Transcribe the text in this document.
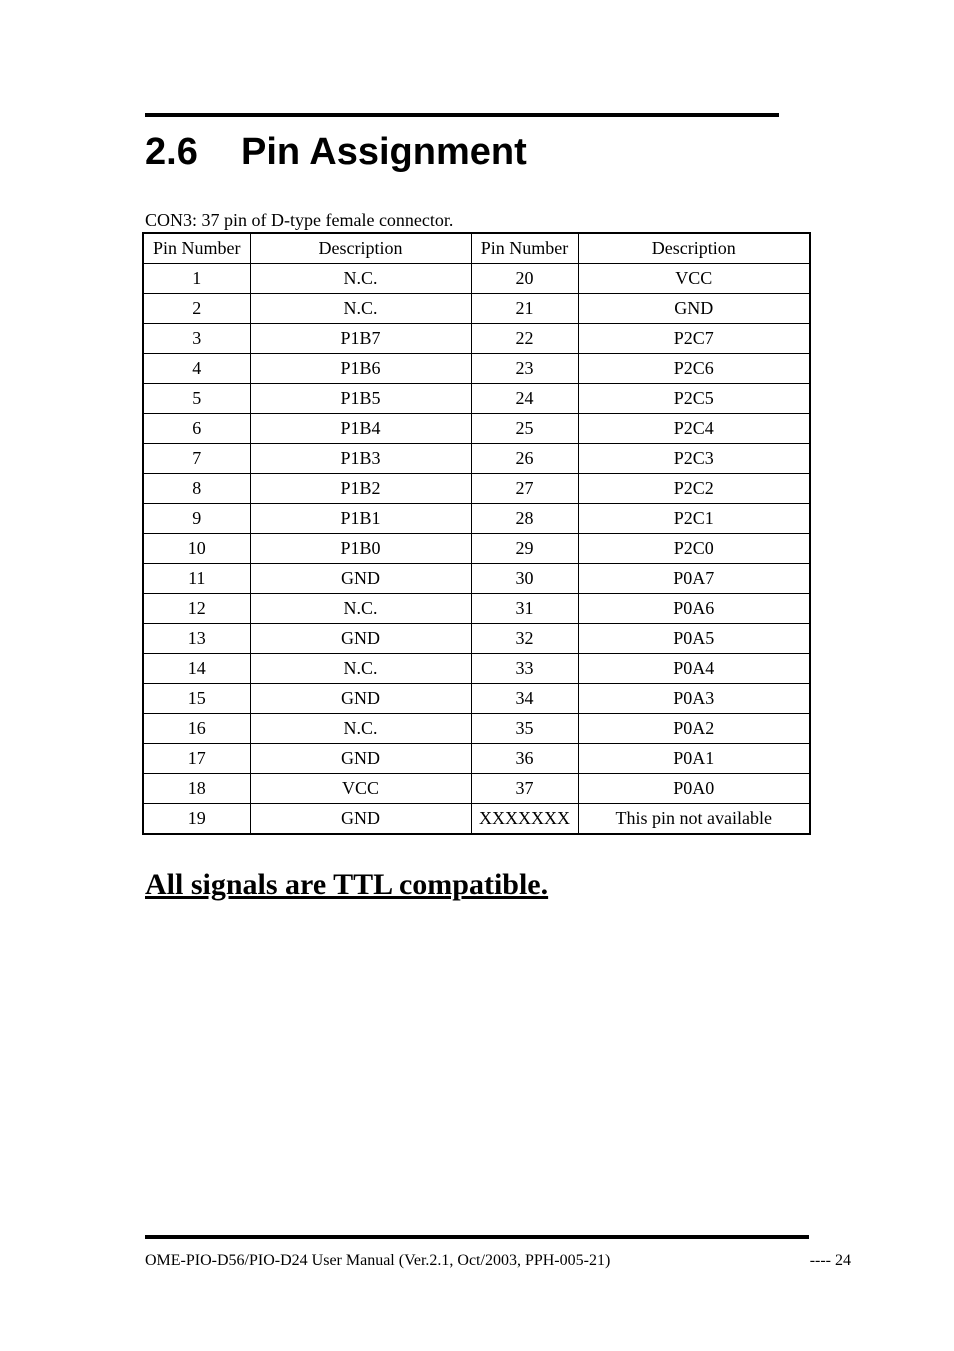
2.6 Pin Assignment
CON3: 37 pin of D-type female connector.
Pin Number	Description	Pin Number	Description
1	N.C.	20	VCC
2	N.C.	21	GND
3	P1B7	22	P2C7
4	P1B6	23	P2C6
5	P1B5	24	P2C5
6	P1B4	25	P2C4
7	P1B3	26	P2C3
8	P1B2	27	P2C2
9	P1B1	28	P2C1
10	P1B0	29	P2C0
11	GND	30	P0A7
12	N.C.	31	P0A6
13	GND	32	P0A5
14	N.C.	33	P0A4
15	GND	34	P0A3
16	N.C.	35	P0A2
17	GND	36	P0A1
18	VCC	37	P0A0
19	GND	XXXXXXX	This pin not available
All signals are TTL compatible.
OME-PIO-D56/PIO-D24 User Manual (Ver.2.1, Oct/2003, PPH-005-21)	---- 24
